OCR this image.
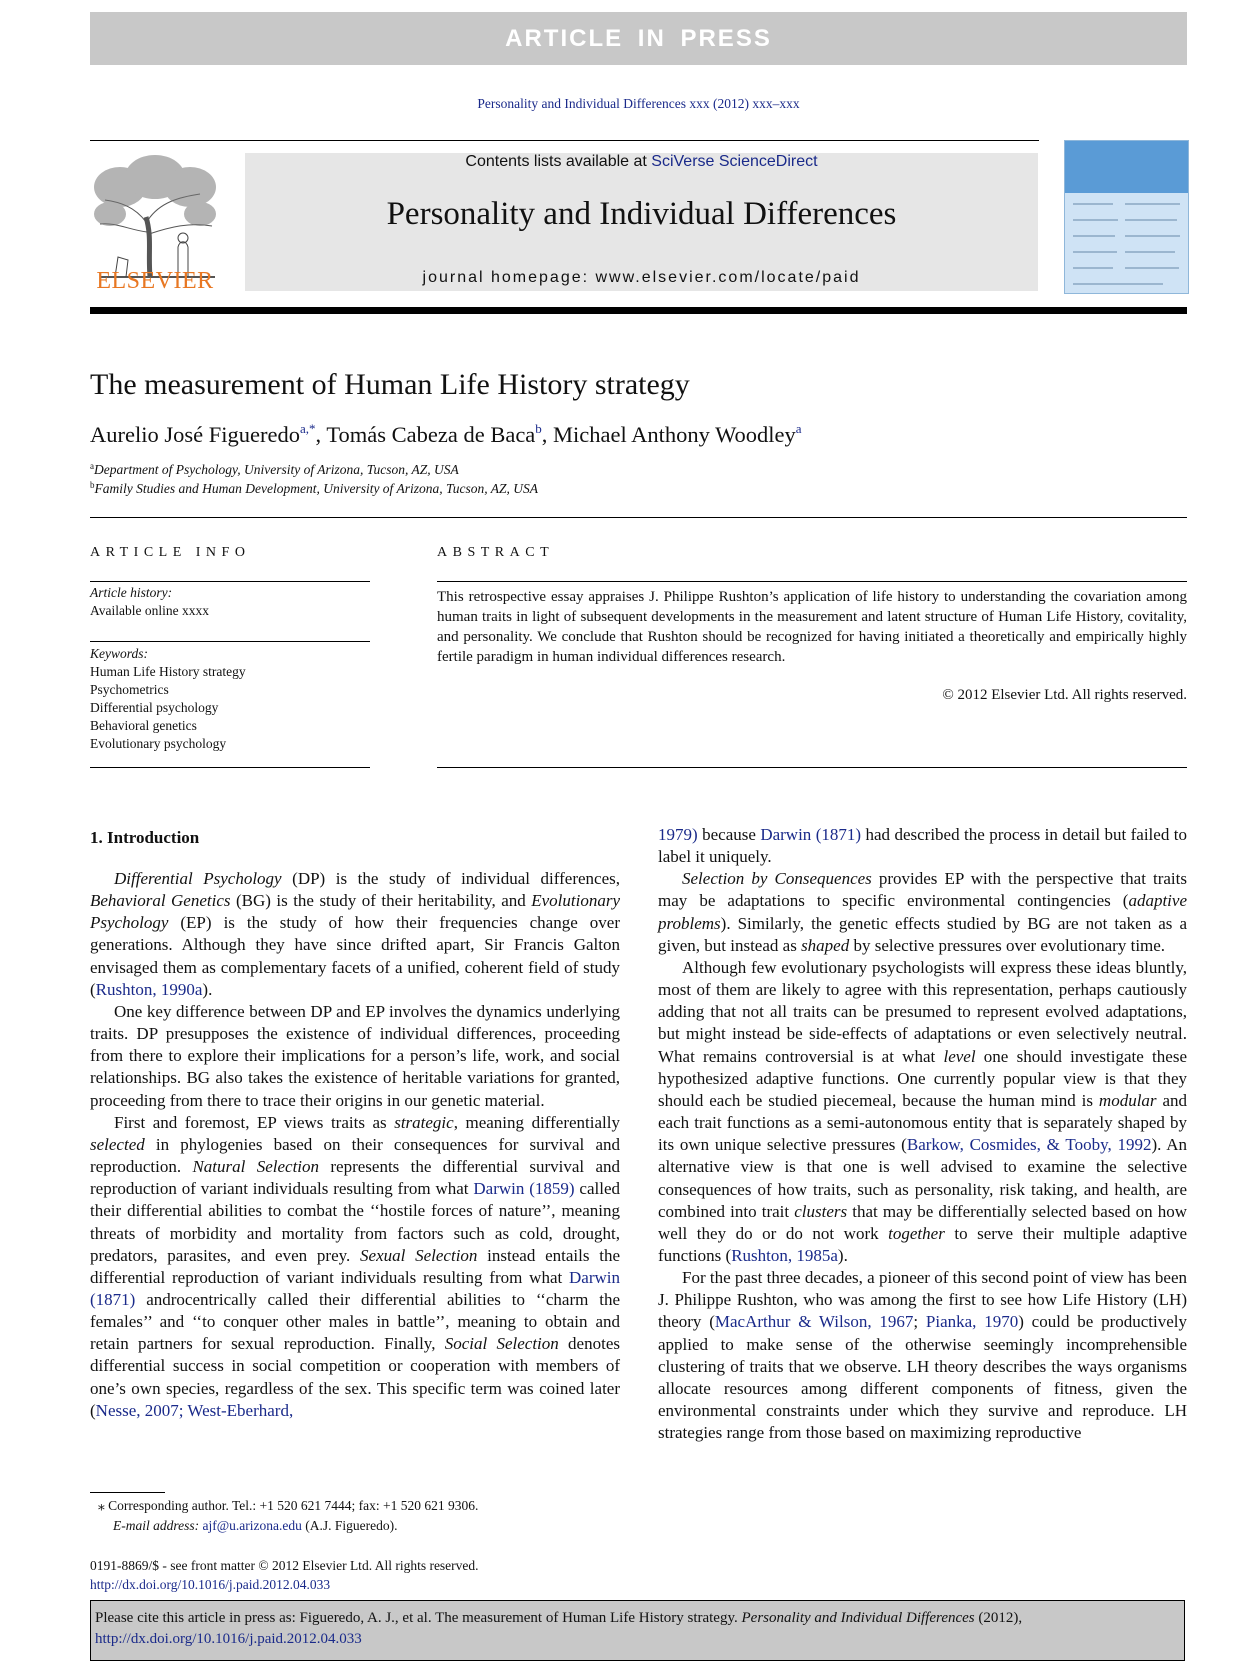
ARTICLE IN PRESS
Personality and Individual Differences xxx (2012) xxx–xxx
ELSEVIER
Contents lists available at SciVerse ScienceDirect
Personality and Individual Differences
journal homepage: www.elsevier.com/locate/paid
The measurement of Human Life History strategy
Aurelio José Figueredo$^{a,*}$, Tomás Cabeza de Baca$^b$, Michael Anthony Woodley$^a$
$^a$Department of Psychology, University of Arizona, Tucson, AZ, USA
$^b$Family Studies and Human Development, University of Arizona, Tucson, AZ, USA
ARTICLE INFO
Article history:
Available online xxxx
Keywords:
Human Life History strategy
Psychometrics
Differential psychology
Behavioral genetics
Evolutionary psychology
ABSTRACT
This retrospective essay appraises J. Philippe Rushton’s application of life history to understanding the covariation among human traits in light of subsequent developments in the measurement and latent structure of Human Life History, covitality, and personality. We conclude that Rushton should be recognized for having initiated a theoretically and empirically highly fertile paradigm in human individual differences research.
© 2012 Elsevier Ltd. All rights reserved.
1. Introduction

Differential Psychology (DP) is the study of individual differences, Behavioral Genetics (BG) is the study of their heritability, and Evolutionary Psychology (EP) is the study of how their frequencies change over generations. Although they have since drifted apart, Sir Francis Galton envisaged them as complementary facets of a unified, coherent field of study (Rushton, 1990a).

One key difference between DP and EP involves the dynamics underlying traits. DP presupposes the existence of individual differences, proceeding from there to explore their implications for a person’s life, work, and social relationships. BG also takes the existence of heritable variations for granted, proceeding from there to trace their origins in our genetic material.

First and foremost, EP views traits as strategic, meaning differentially selected in phylogenies based on their consequences for survival and reproduction. Natural Selection represents the differential survival and reproduction of variant individuals resulting from what Darwin (1859) called their differential abilities to combat the ‘‘hostile forces of nature’’, meaning threats of morbidity and mortality from factors such as cold, drought, predators, parasites, and even prey. Sexual Selection instead entails the differential reproduction of variant individuals resulting from what Darwin (1871) androcentrically called their differential abilities to ‘‘charm the females’’ and ‘‘to conquer other males in battle’’, meaning to obtain and retain partners for sexual reproduction. Finally, Social Selection denotes differential success in social competition or cooperation with members of one’s own species, regardless of the sex. This specific term was coined later (Nesse, 2007; West-Eberhard,

1979) because Darwin (1871) had described the process in detail but failed to label it uniquely.

Selection by Consequences provides EP with the perspective that traits may be adaptations to specific environmental contingencies (adaptive problems). Similarly, the genetic effects studied by BG are not taken as a given, but instead as shaped by selective pressures over evolutionary time.

Although few evolutionary psychologists will express these ideas bluntly, most of them are likely to agree with this representation, perhaps cautiously adding that not all traits can be presumed to represent evolved adaptations, but might instead be side-effects of adaptations or even selectively neutral. What remains controversial is at what level one should investigate these hypothesized adaptive functions. One currently popular view is that they should each be studied piecemeal, because the human mind is modular and each trait functions as a semi-autonomous entity that is separately shaped by its own unique selective pressures (Barkow, Cosmides, & Tooby, 1992). An alternative view is that one is well advised to examine the selective consequences of how traits, such as personality, risk taking, and health, are combined into trait clusters that may be differentially selected based on how well they do or do not work together to serve their multiple adaptive functions (Rushton, 1985a).

For the past three decades, a pioneer of this second point of view has been J. Philippe Rushton, who was among the first to see how Life History (LH) theory (MacArthur & Wilson, 1967; Pianka, 1970) could be productively applied to make sense of the otherwise seemingly incomprehensible clustering of traits that we observe. LH theory describes the ways organisms allocate resources among different components of fitness, given the environmental constraints under which they survive and reproduce. LH strategies range from those based on maximizing reproductive

⁎ Corresponding author. Tel.: +1 520 621 7444; fax: +1 520 621 9306.
E-mail address: ajf@u.arizona.edu (A.J. Figueredo).
0191-8869/$ - see front matter © 2012 Elsevier Ltd. All rights reserved.
http://dx.doi.org/10.1016/j.paid.2012.04.033
Please cite this article in press as: Figueredo, A. J., et al. The measurement of Human Life History strategy. Personality and Individual Differences (2012),
http://dx.doi.org/10.1016/j.paid.2012.04.033
